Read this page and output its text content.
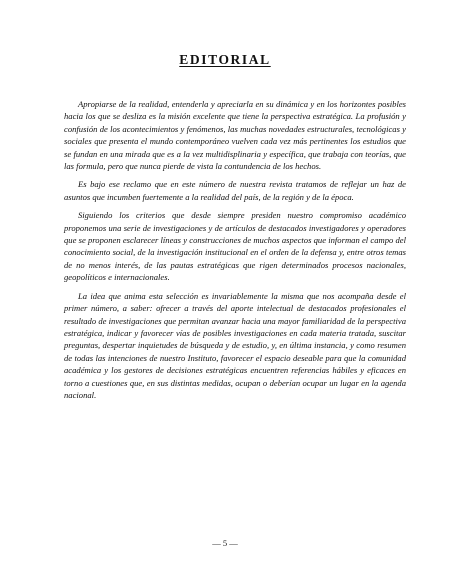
EDITORIAL

Apropiarse de la realidad, entenderla y apreciarla en su dinámica y en los horizontes posibles hacia los que se desliza es la misión excelente que tiene la perspectiva estratégica. La profusión y confusión de los acontecimientos y fenómenos, las muchas novedades estructurales, tecnológicas y sociales que presenta el mundo contemporáneo vuelven cada vez más pertinentes los estudios que se fundan en una mirada que es a la vez multidisplinaria y específica, que trabaja con teorías, que las formula, pero que nunca pierde de vista la contundencia de los hechos.

Es bajo ese reclamo que en este número de nuestra revista tratamos de reflejar un haz de asuntos que incumben fuertemente a la realidad del país, de la región y de la época.

Siguiendo los criterios que desde siempre presiden nuestro compromiso académico proponemos una serie de investigaciones y de artículos de destacados investigadores y operadores que se proponen esclarecer líneas y construcciones de muchos aspectos que informan el campo del conocimiento social, de la investigación institucional en el orden de la defensa y, entre otros temas de no menos interés, de las pautas estratégicas que rigen determinados procesos nacionales, geopolíticos e internacionales.

La idea que anima esta selección es invariablemente la misma que nos acompaña desde el primer número, a saber: ofrecer a través del aporte intelectual de destacados profesionales el resultado de investigaciones que permitan avanzar hacia una mayor familiaridad de la perspectiva estratégica, indicar y favorecer vías de posibles investigaciones en cada materia tratada, suscitar preguntas, despertar inquietudes de búsqueda y de estudio, y, en última instancia, y como resumen de todas las intenciones de nuestro Instituto, favorecer el espacio deseable para que la comunidad académica y los gestores de decisiones estratégicas encuentren referencias hábiles y eficaces en torno a cuestiones que, en sus distintas medidas, ocupan o deberían ocupar un lugar en la agenda nacional.

— 5 —
